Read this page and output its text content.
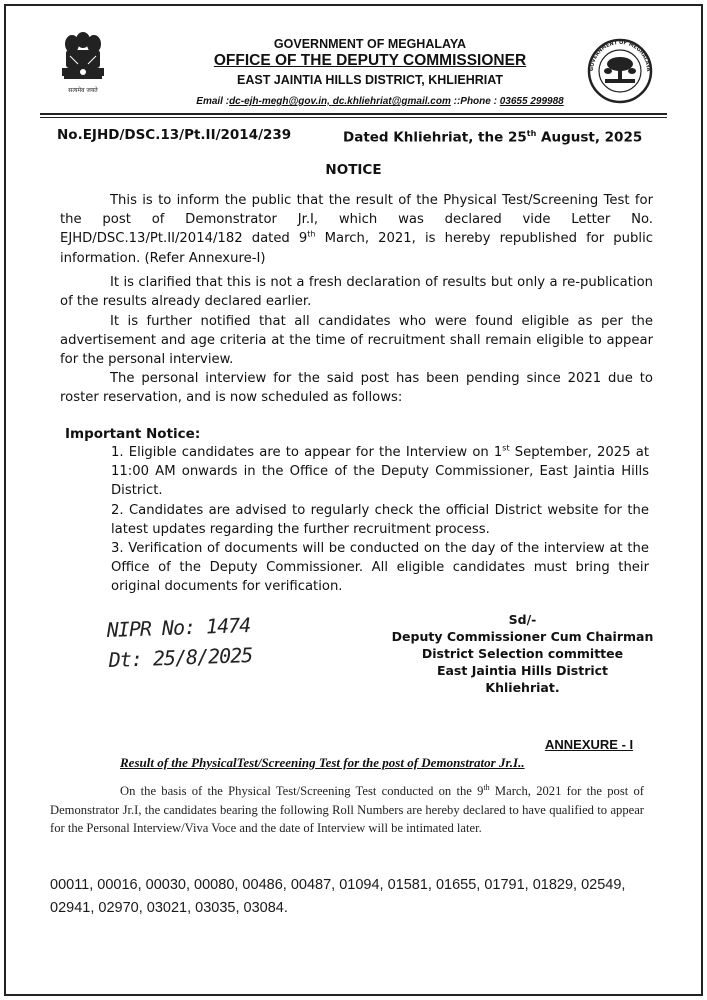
सत्यमेव जयते
GOVERNMENT OF MEGHALAYA
GOVERNMENT OF MEGHALAYA
OFFICE OF THE DEPUTY COMMISSIONER
EAST JAINTIA HILLS DISTRICT, KHLIEHRIAT
Email :dc-ejh-megh@gov.in, dc.khliehriat@gmail.com ::Phone : 03655 299988
No.EJHD/DSC.13/Pt.II/2014/239	Dated Khliehriat, the 25th August, 2025
NOTICE

This is to inform the public that the result of the Physical Test/Screening Test for the post of Demonstrator Jr.I, which was declared vide Letter No. EJHD/DSC.13/Pt.II/2014/182 dated 9th March, 2021, is hereby republished for public information. (Refer Annexure-I)

It is clarified that this is not a fresh declaration of results but only a re-publication of the results already declared earlier.

It is further notified that all candidates who were found eligible as per the advertisement and age criteria at the time of recruitment shall remain eligible to appear for the personal interview.

The personal interview for the said post has been pending since 2021 due to roster reservation, and is now scheduled as follows:

Important Notice:
1. Eligible candidates are to appear for the Interview on 1st September, 2025 at 11:00 AM onwards in the Office of the Deputy Commissioner, East Jaintia Hills District.
2. Candidates are advised to regularly check the official District website for the latest updates regarding the further recruitment process.
3. Verification of documents will be conducted on the day of the interview at the Office of the Deputy Commissioner. All eligible candidates must bring their original documents for verification.
NIPR No: 1474
Dt: 25/8/2025
Sd/-
Deputy Commissioner Cum Chairman
District Selection committee
East Jaintia Hills District
Khliehriat.
ANNEXURE - I
Result of the PhysicalTest/Screening Test for the post of Demonstrator Jr.I..

On the basis of the Physical Test/Screening Test conducted on the 9th March, 2021 for the post of Demonstrator Jr.I, the candidates bearing the following Roll Numbers are hereby declared to have qualified to appear for the Personal Interview/Viva Voce and the date of Interview will be intimated later.

00011, 00016, 00030, 00080, 00486, 00487, 01094, 01581, 01655, 01791, 01829, 02549, 02941, 02970, 03021, 03035, 03084.
